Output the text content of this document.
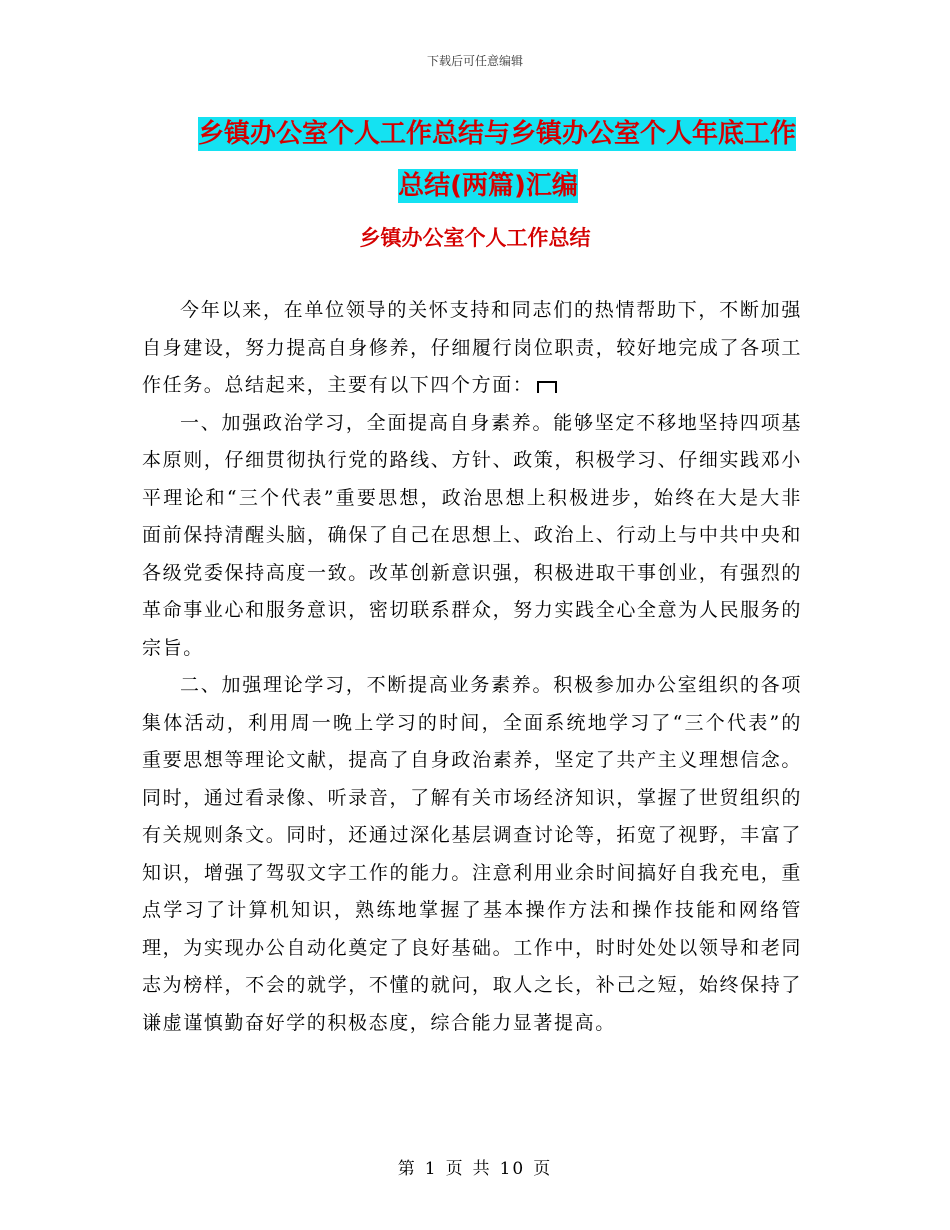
下载后可任意编辑
乡镇办公室个人工作总结与乡镇办公室个人年底工作
总结(两篇)汇编
乡镇办公室个人工作总结

今年以来，在单位领导的关怀支持和同志们的热情帮助下，不断加强自身建设，努力提高自身修养，仔细履行岗位职责，较好地完成了各项工作任务。总结起来，主要有以下四个方面：

一、加强政治学习，全面提高自身素养。能够坚定不移地坚持四项基本原则，仔细贯彻执行党的路线、方针、政策，积极学习、仔细实践邓小平理论和“三个代表”重要思想，政治思想上积极进步，始终在大是大非面前保持清醒头脑，确保了自己在思想上、政治上、行动上与中共中央和各级党委保持高度一致。改革创新意识强，积极进取干事创业，有强烈的革命事业心和服务意识，密切联系群众，努力实践全心全意为人民服务的宗旨。

二、加强理论学习，不断提高业务素养。积极参加办公室组织的各项集体活动，利用周一晚上学习的时间，全面系统地学习了“三个代表”的重要思想等理论文献，提高了自身政治素养，坚定了共产主义理想信念。同时，通过看录像、听录音，了解有关市场经济知识，掌握了世贸组织的有关规则条文。同时，还通过深化基层调查讨论等，拓宽了视野，丰富了知识，增强了驾驭文字工作的能力。注意利用业余时间搞好自我充电，重点学习了计算机知识，熟练地掌握了基本操作方法和操作技能和网络管理，为实现办公自动化奠定了良好基础。工作中，时时处处以领导和老同志为榜样，不会的就学，不懂的就问，取人之长，补己之短，始终保持了谦虚谨慎勤奋好学的积极态度，综合能力显著提高。

第 1 页 共 10 页
